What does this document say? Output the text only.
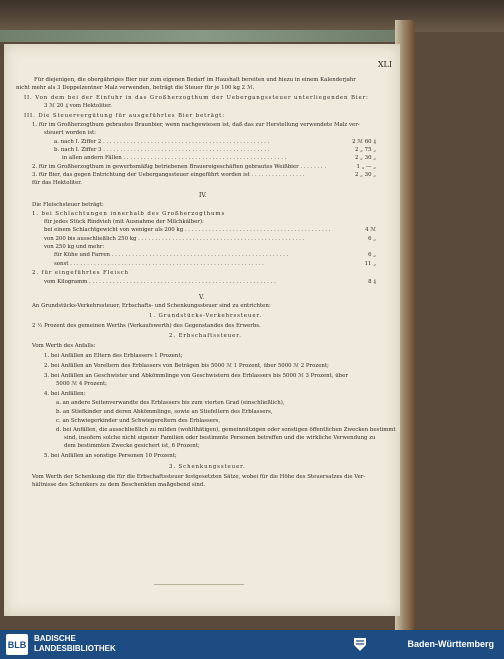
XLI
Für diejenigen, die obergähriges Bier nur zum eigenen Bedarf im Haushalt bereiten und hiezu in einem Kalenderjahr
nicht mehr als 3 Doppelzentner Malz verwenden, beträgt die Steuer für je 100 kg 2 ℳ.
II. Von dem bei der Einfuhr in das Großherzogthum der Uebergangssteuer unterliegenden Bier:
3 ℳ 20 ₰ vom Hektoliter.
III. Die Steuervergütung für ausgeführtes Bier beträgt:
1. für im Großherzogthum gebrautes Braunbier, wenn nachgewiesen ist, daß das zur Herstellung verwendete Malz ver-
steuert worden ist:
a. nach I. Ziffer 2 . . . . . . . . . . . . . . . . . . . . . . . . . . . . . . . . . . . . . . . . . . . . . . . . .	2 ℳ 60 ₰
b. nach I. Ziffer 3 . . . . . . . . . . . . . . . . . . . . . . . . . . . . . . . . . . . . . . . . . . . . . . . . .	2 „ 75 „
in allen andern Fällen . . . . . . . . . . . . . . . . . . . . . . . . . . . . . . . . . . . . . . . . . . . . . . . .	2 „ 30 „
2. für im Großherzogthum in gewerbsmäßig betriebenen Brauereigeschäften gebrautes Weißbier . . . . . . . .	1 „ — „
3. für Bier, das gegen Entrichtung der Uebergangssteuer eingeführt worden ist . . . . . . . . . . . . . . . .	2 „ 30 „
für das Hektoliter.
IV.
Die Fleischsteuer beträgt:
1. bei Schlachtungen innerhalb des Großherzogthums
für jedes Stück Rindvieh (mit Ausnahme der Milchkälber):
bei einem Schlachtgewicht von weniger als 200 kg . . . . . . . . . . . . . . . . . . . . . . . . . . . . . . . . . . . . . . . . . . .	4 ℳ
von 200 bis ausschließlich 250 kg . . . . . . . . . . . . . . . . . . . . . . . . . . . . . . . . . . . . . . . . . . . . . . . . .	6 „
von 250 kg und mehr:
für Kühe und Farren . . . . . . . . . . . . . . . . . . . . . . . . . . . . . . . . . . . . . . . . . . . . . . . . . . . .	6 „
sonst . . . . . . . . . . . . . . . . . . . . . . . . . . . . . . . . . . . . . . . . . . . . . . . . . . . . . . . . .	11 „
2. für eingeführtes Fleisch
vom Kilogramm . . . . . . . . . . . . . . . . . . . . . . . . . . . . . . . . . . . . . . . . . . . . . . . . . . . . . . .	8 ₰
V.
An Grundstücks-Verkehrssteuer, Erbschafts- und Schenkungssteuer sind zu entrichten:
1. Grundstücks-Verkehrssteuer.
2 ½ Prozent des gemeinen Werths (Verkaufswerth) des Gegenstandes des Erwerbs.
2. Erbschaftssteuer.
Vom Werth des Anfalls:
1. bei Anfällen an Eltern des Erblassers 1 Prozent;
2. bei Anfällen an Voreltern des Erblassers von Beträgen bis 5000 ℳ 1 Prozent, über 5000 ℳ 2 Prozent;
3. bei Anfällen an Geschwister und Abkömmlinge von Geschwistern des Erblassers bis 5000 ℳ 3 Prozent, über
5000 ℳ 4 Prozent;
4. bei Anfällen:
a. an andere Seitenverwandte des Erblassers bis zum vierten Grad (einschließlich),
b. an Stiefkinder und deren Abkömmlinge, sowie an Stiefeltern des Erblassers,
c. an Schwiegerkinder und Schwiegereltern des Erblassers,
d. bei Anfällen, die ausschließlich zu milden (wohlthätigen), gemeinnützigen oder sonstigen öffentlichen Zwecken bestimmt
sind, insofern solche nicht eigener Familien oder bestimmte Personen betreffen und die wirkliche Verwendung zu
dem bestimmten Zwecke gesichert ist, 6 Prozent;
5. bei Anfällen an sonstige Personen 10 Prozent;
3. Schenkungssteuer.
Vom Werth der Schenkung die für die Erbschaftssteuer festgesetzten Sätze, wobei für die Höhe des Steuersatzes die Ver-
hältnisse des Schenkers zu dem Beschenkten maßgebend sind.
BLB
BADISCHE
LANDESBIBLIOTHEK	Baden-Württemberg
